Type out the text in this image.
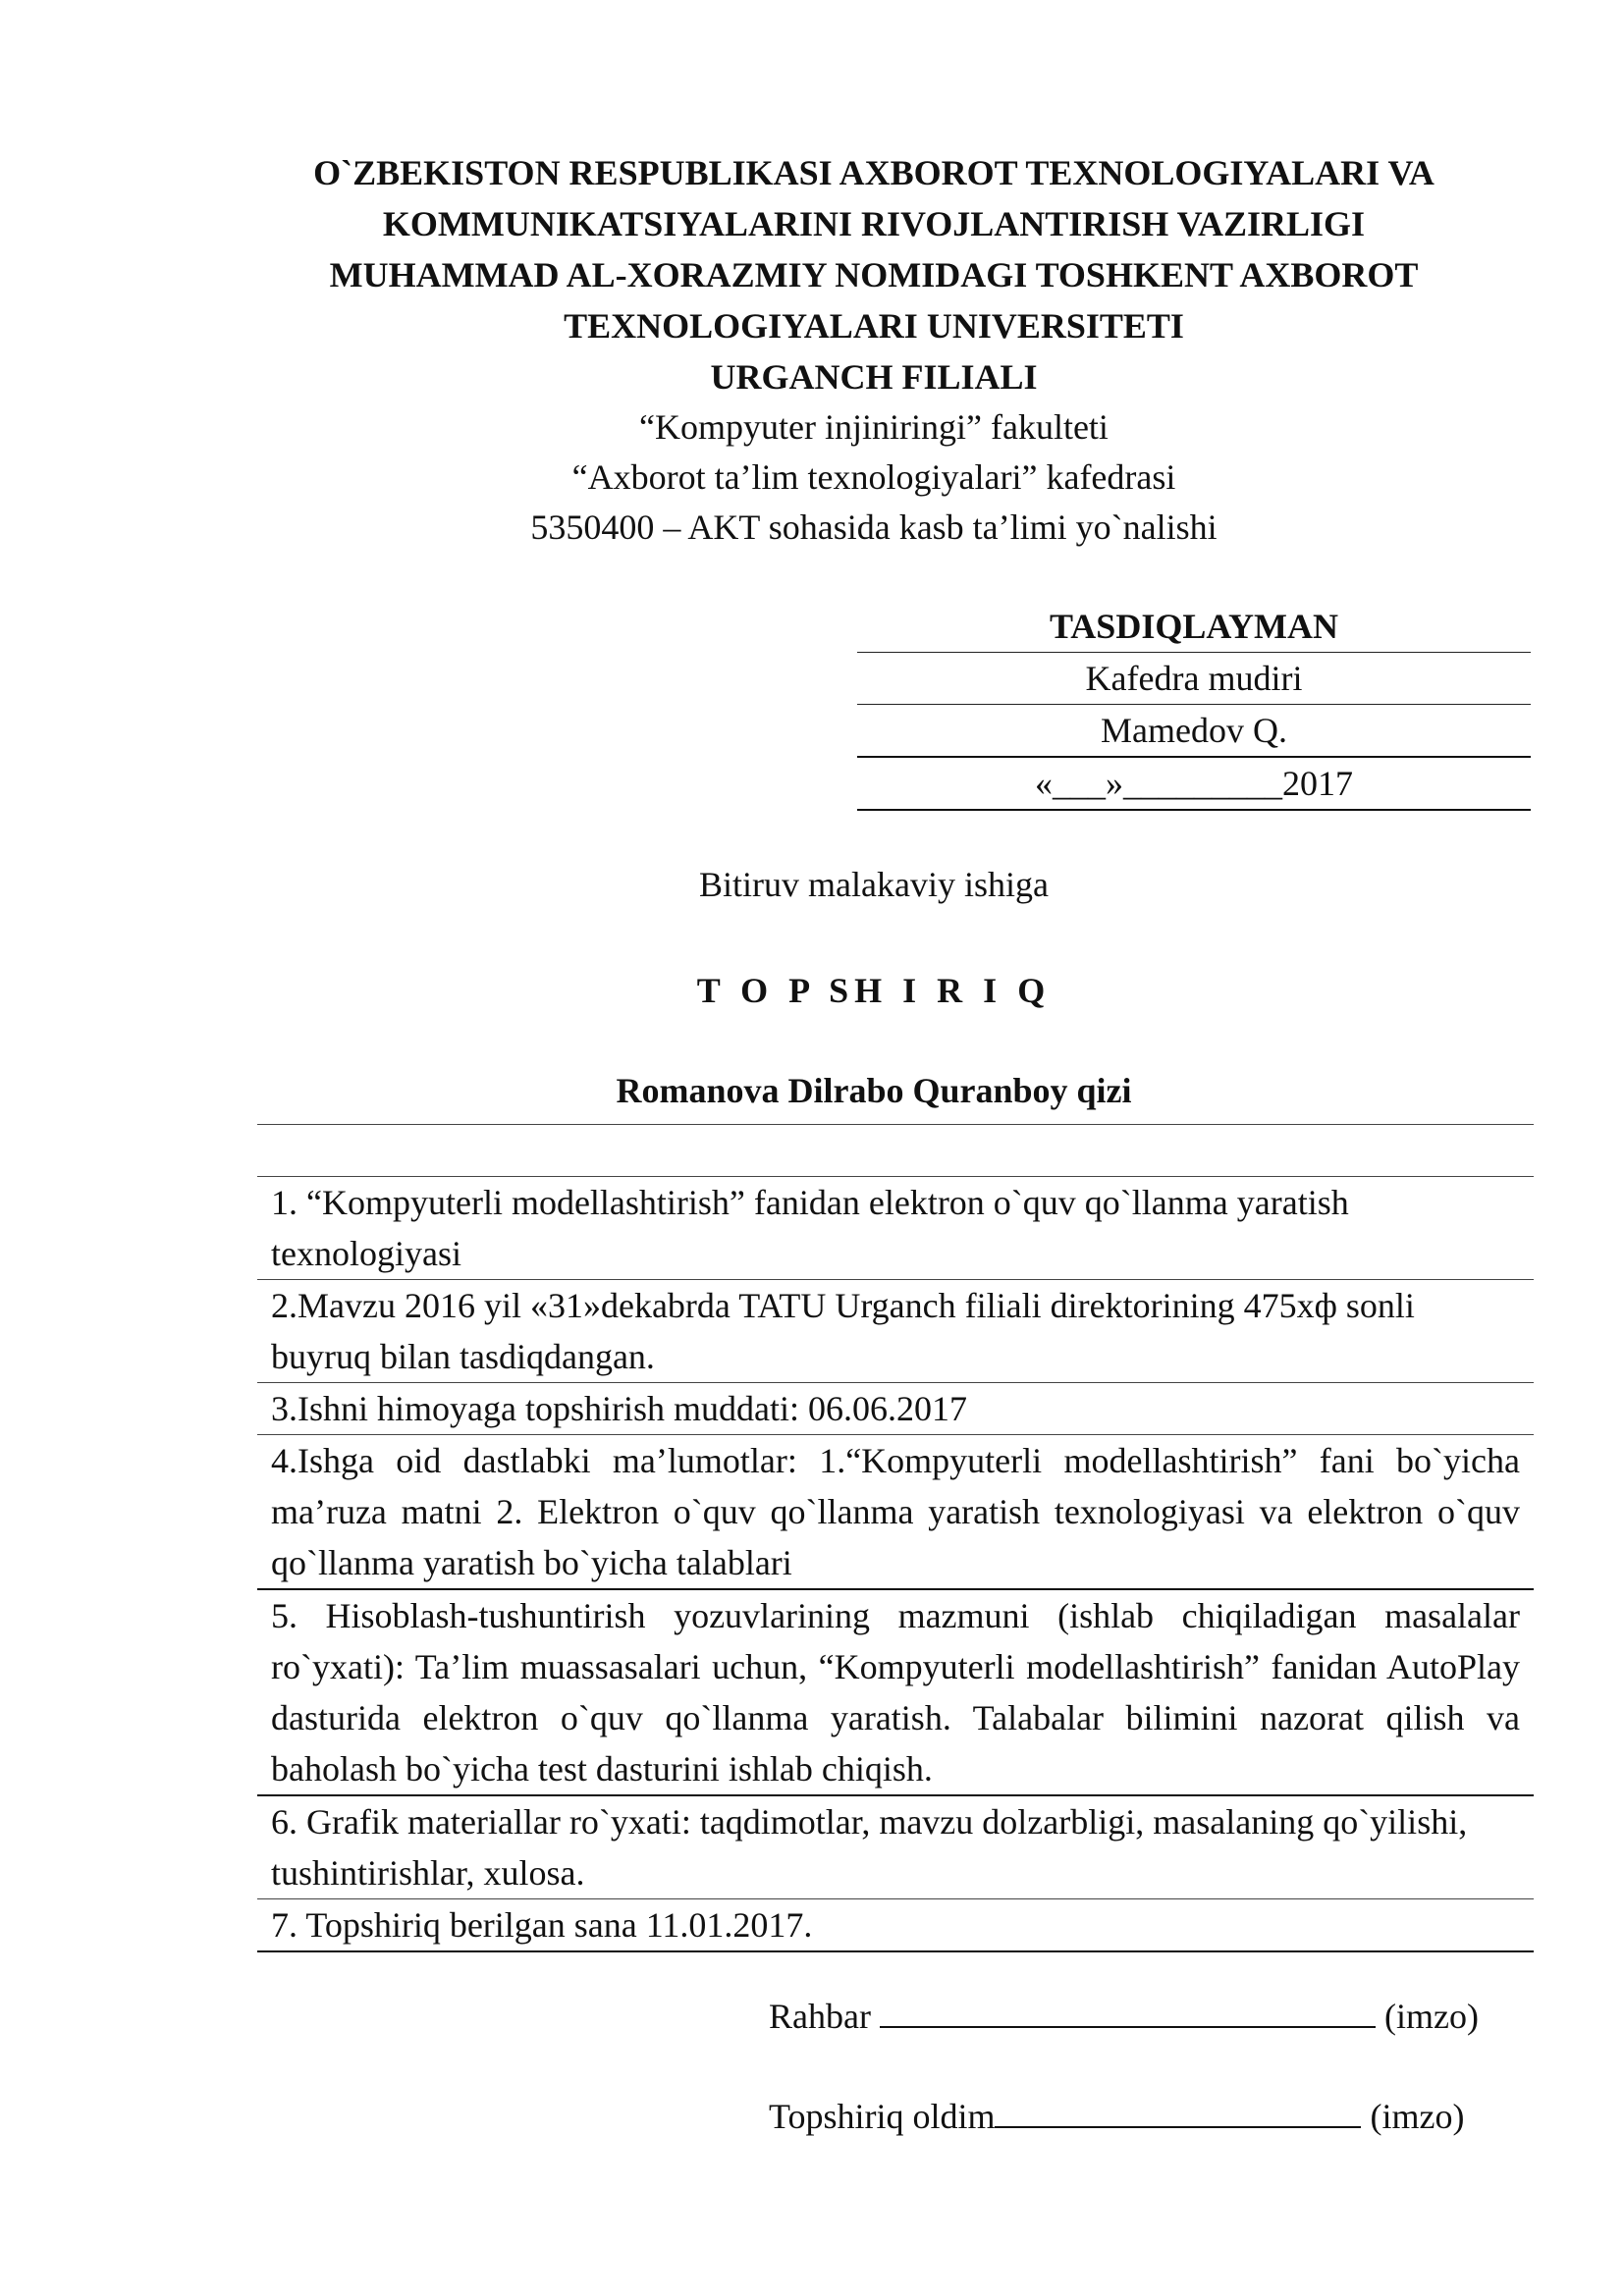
O`ZBEKISTON RESPUBLIKASI AXBOROT TEXNOLOGIYALARI VA
KOMMUNIKATSIYALARINI RIVOJLANTIRISH VAZIRLIGI
MUHAMMAD AL-XORAZMIY NOMIDAGI TOSHKENT AXBOROT
TEXNOLOGIYALARI UNIVERSITETI
URGANCH FILIALI
“Kompyuter injiniringi” fakulteti
“Axborot ta’lim texnologiyalari” kafedrasi
5350400 – AKT sohasida kasb ta’limi yo`nalishi
TASDIQLAYMAN
Kafedra mudiri
Mamedov Q.
«___»_________2017
Bitiruv malakaviy ishiga
T O P SH I R I Q
Romanova Dilrabo Quranboy qizi
1. “Kompyuterli modellashtirish” fanidan elektron o`quv qo`llanma yaratish texnologiyasi
2.Mavzu 2016 yil «31»dekabrda TATU Urganch filiali direktorining 475xф sonli buyruq bilan tasdiqdangan.
3.Ishni himoyaga topshirish muddati: 06.06.2017
4.Ishga oid dastlabki ma’lumotlar: 1.“Kompyuterli modellashtirish” fani bo`yicha ma’ruza matni 2. Elektron o`quv qo`llanma yaratish texnologiyasi va elektron o`quv qo`llanma yaratish bo`yicha talablari
5. Hisoblash-tushuntirish yozuvlarining mazmuni (ishlab chiqiladigan masalalar ro`yxati): Ta’lim muassasalari uchun, “Kompyuterli modellashtirish” fanidan AutoPlay dasturida elektron o`quv qo`llanma yaratish. Talabalar bilimini nazorat qilish va baholash bo`yicha test dasturini ishlab chiqish.
6. Grafik materiallar ro`yxati: taqdimotlar, mavzu dolzarbligi, masalaning qo`yilishi, tushintirishlar, xulosa.
7. Topshiriq berilgan sana 11.01.2017.
Rahbar	(imzo)
Topshiriq oldim	(imzo)
